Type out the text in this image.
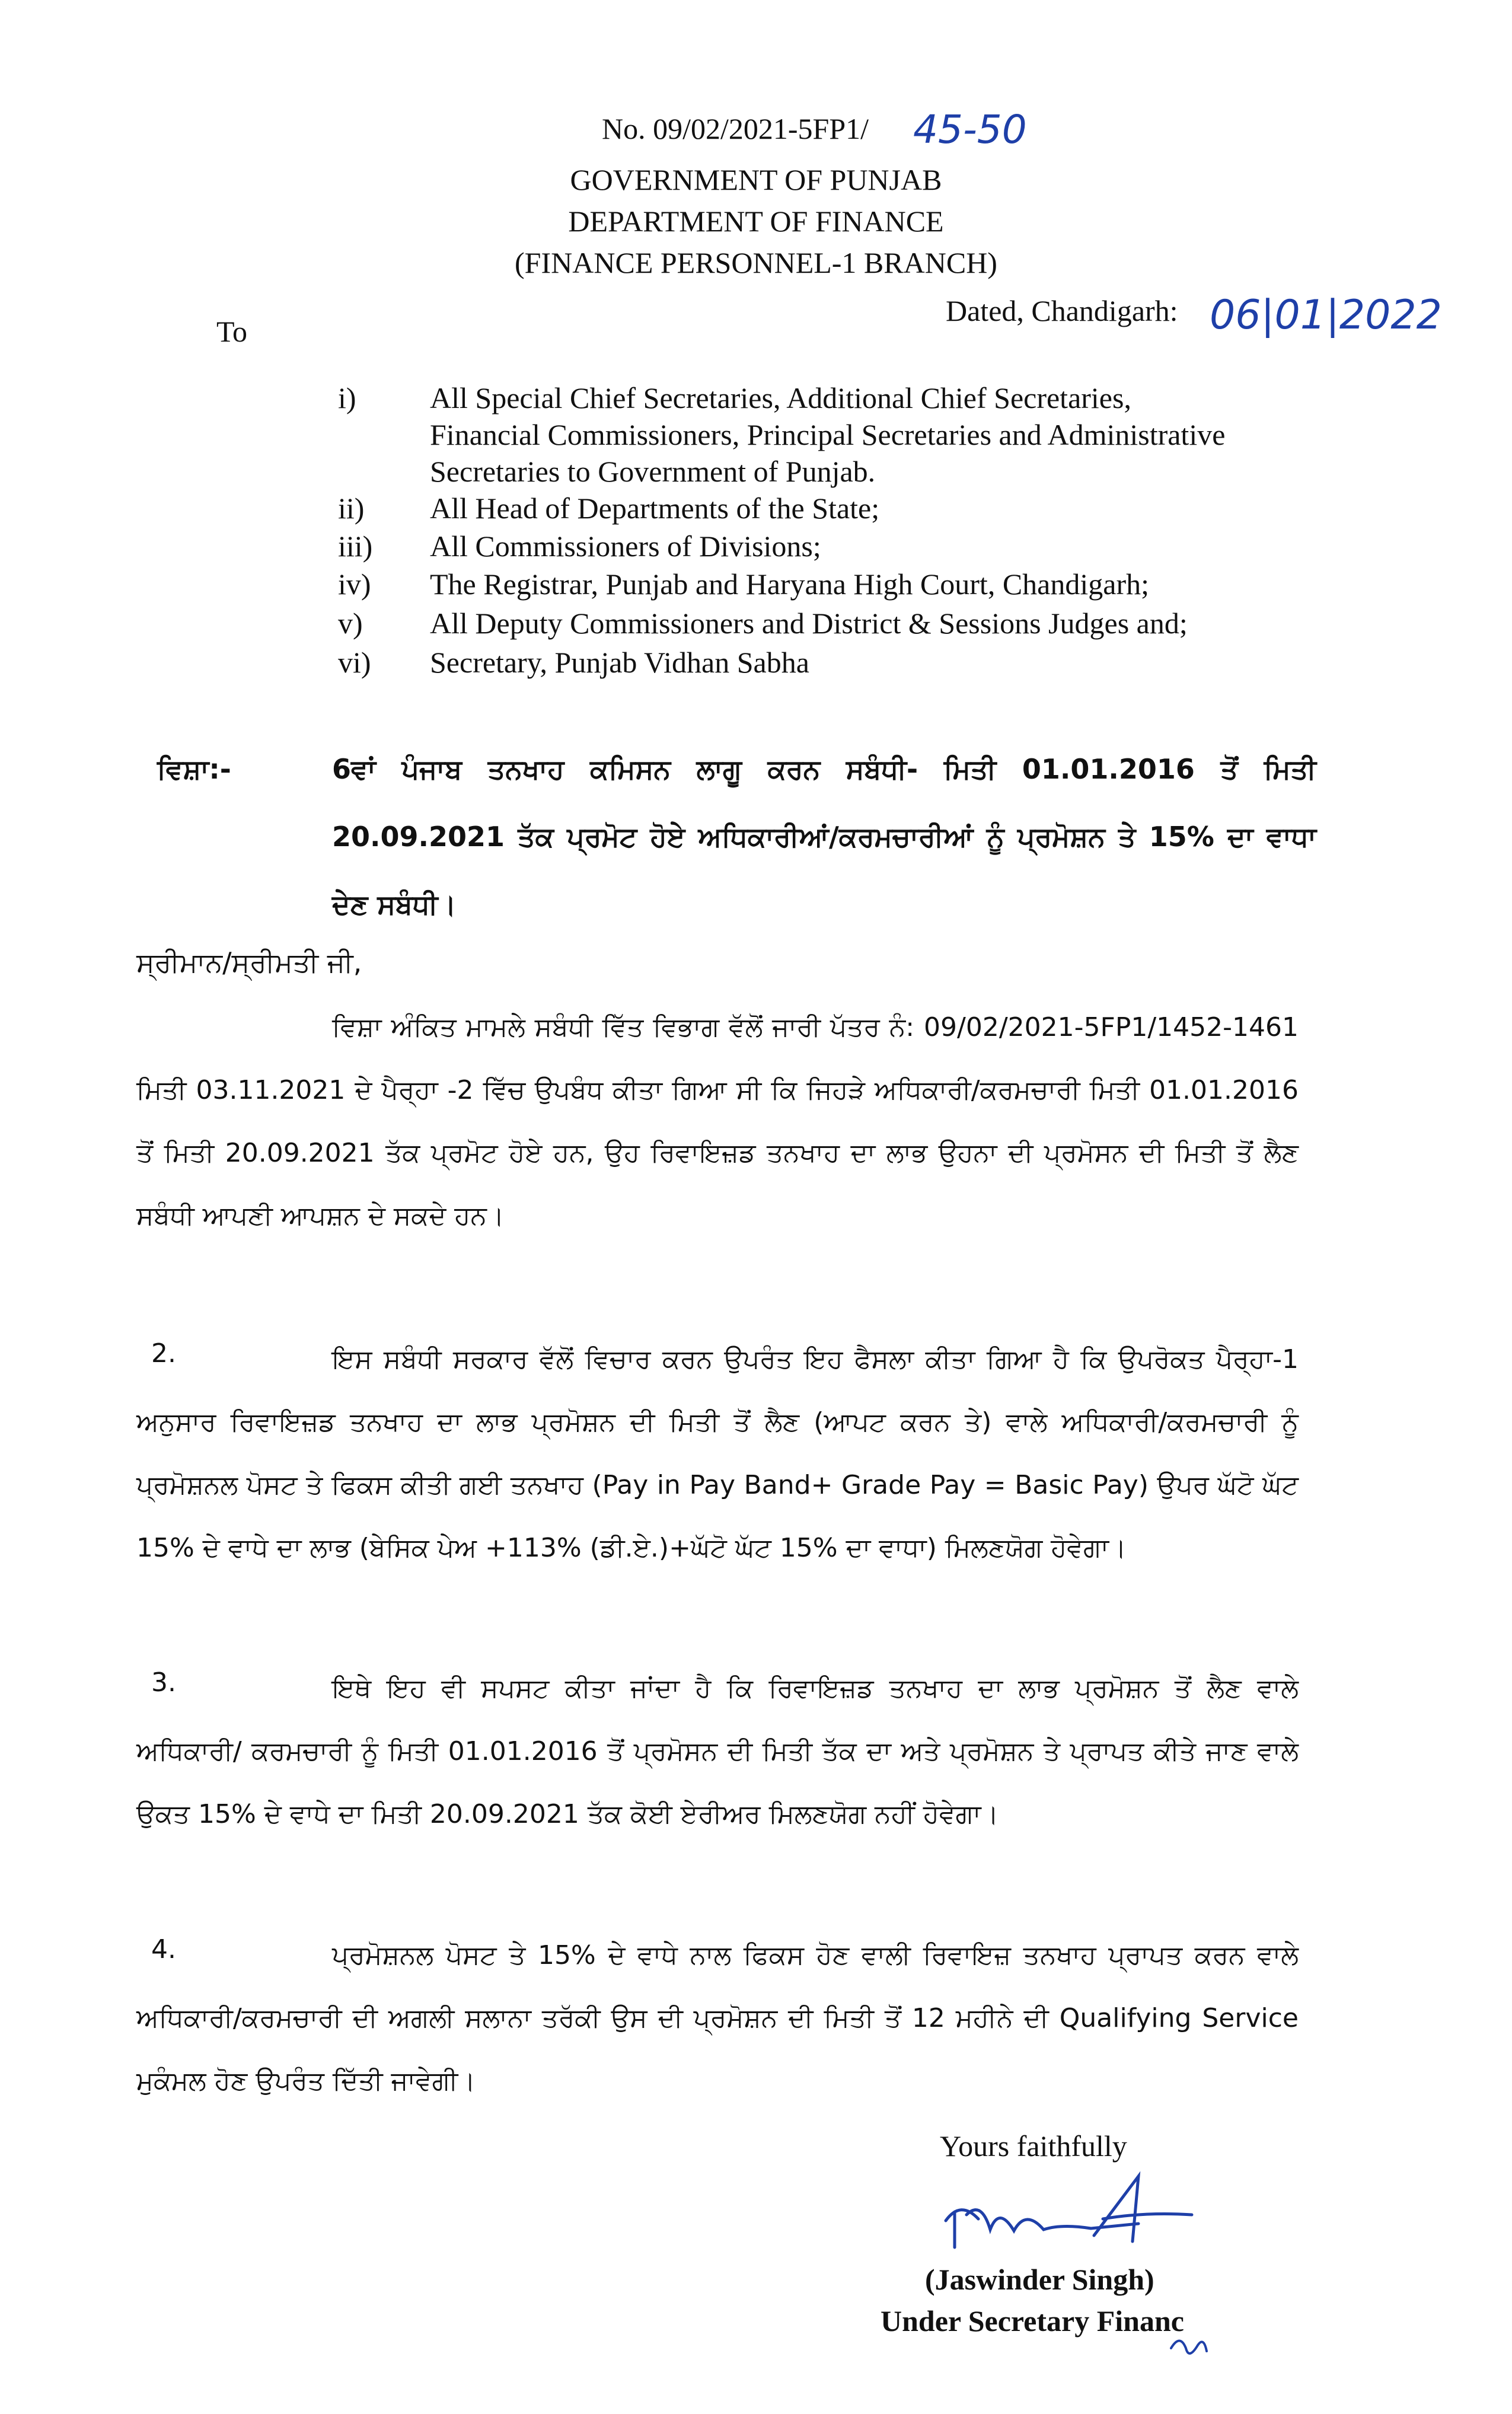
No. 09/02/2021-5FP1/ 45-50
GOVERNMENT OF PUNJAB
DEPARTMENT OF FINANCE
(FINANCE PERSONNEL-1 BRANCH)
Dated, Chandigarh: 06|01|2022
To
i) All Special Chief Secretaries, Additional Chief Secretaries,
Financial Commissioners, Principal Secretaries and Administrative
Secretaries to Government of Punjab.
ii) All Head of Departments of the State;
iii) All Commissioners of Divisions;
iv) The Registrar, Punjab and Haryana High Court, Chandigarh;
v) All Deputy Commissioners and District & Sessions Judges and;
vi) Secretary, Punjab Vidhan Sabha
ਵਿਸ਼ਾ:-	6ਵਾਂ ਪੰਜਾਬ ਤਨਖਾਹ ਕਮਿਸਨ ਲਾਗੂ ਕਰਨ ਸਬੰਧੀ- ਮਿਤੀ 01.01.2016 ਤੋਂ ਮਿਤੀ 20.09.2021 ਤੱਕ ਪ੍ਰਮੋਟ ਹੋਏ ਅਧਿਕਾਰੀਆਂ/ਕਰਮਚਾਰੀਆਂ ਨੂੰ ਪ੍ਰਮੋਸ਼ਨ ਤੇ 15% ਦਾ ਵਾਧਾ ਦੇਣ ਸਬੰਧੀ।
ਸ੍ਰੀਮਾਨ/ਸ੍ਰੀਮਤੀ ਜੀ,
ਵਿਸ਼ਾ ਅੰਕਿਤ ਮਾਮਲੇ ਸਬੰਧੀ ਵਿੱਤ ਵਿਭਾਗ ਵੱਲੋਂ ਜਾਰੀ ਪੱਤਰ ਨੰ: 09/02/2021-5FP1/1452-1461 ਮਿਤੀ 03.11.2021 ਦੇ ਪੈਰ੍ਹਾ -2 ਵਿੱਚ ਉਪਬੰਧ ਕੀਤਾ ਗਿਆ ਸੀ ਕਿ ਜਿਹੜੇ ਅਧਿਕਾਰੀ/ਕਰਮਚਾਰੀ ਮਿਤੀ 01.01.2016 ਤੋਂ ਮਿਤੀ 20.09.2021 ਤੱਕ ਪ੍ਰਮੋਟ ਹੋਏ ਹਨ, ਉਹ ਰਿਵਾਇਜ਼ਡ ਤਨਖਾਹ ਦਾ ਲਾਭ ਉਹਨਾ ਦੀ ਪ੍ਰਮੋਸਨ ਦੀ ਮਿਤੀ ਤੋਂ ਲੈਣ ਸਬੰਧੀ ਆਪਣੀ ਆਪਸ਼ਨ ਦੇ ਸਕਦੇ ਹਨ।
2.	ਇਸ ਸਬੰਧੀ ਸਰਕਾਰ ਵੱਲੋਂ ਵਿਚਾਰ ਕਰਨ ਉਪਰੰਤ ਇਹ ਫੈਸਲਾ ਕੀਤਾ ਗਿਆ ਹੈ ਕਿ ਉਪਰੋਕਤ ਪੈਰ੍ਹਾ-1 ਅਨੁਸਾਰ ਰਿਵਾਇਜ਼ਡ ਤਨਖਾਹ ਦਾ ਲਾਭ ਪ੍ਰਮੋਸ਼ਨ ਦੀ ਮਿਤੀ ਤੋਂ ਲੈਣ (ਆਪਟ ਕਰਨ ਤੇ) ਵਾਲੇ ਅਧਿਕਾਰੀ/ਕਰਮਚਾਰੀ ਨੂੰ ਪ੍ਰਮੋਸ਼ਨਲ ਪੋਸਟ ਤੇ ਫਿਕਸ ਕੀਤੀ ਗਈ ਤਨਖਾਹ (Pay in Pay Band+ Grade Pay = Basic Pay) ਉਪਰ ਘੱਟੋ ਘੱਟ 15% ਦੇ ਵਾਧੇ ਦਾ ਲਾਭ (ਬੇਸਿਕ ਪੇਅ +113% (ਡੀ.ਏ.)+ਘੱਟੋ ਘੱਟ 15% ਦਾ ਵਾਧਾ) ਮਿਲਣਯੋਗ ਹੋਵੇਗਾ।
3.	ਇਥੇ ਇਹ ਵੀ ਸਪਸਟ ਕੀਤਾ ਜਾਂਦਾ ਹੈ ਕਿ ਰਿਵਾਇਜ਼ਡ ਤਨਖਾਹ ਦਾ ਲਾਭ ਪ੍ਰਮੋਸ਼ਨ ਤੋਂ ਲੈਣ ਵਾਲੇ ਅਧਿਕਾਰੀ/ ਕਰਮਚਾਰੀ ਨੂੰ ਮਿਤੀ 01.01.2016 ਤੋਂ ਪ੍ਰਮੋਸਨ ਦੀ ਮਿਤੀ ਤੱਕ ਦਾ ਅਤੇ ਪ੍ਰਮੋਸ਼ਨ ਤੇ ਪ੍ਰਾਪਤ ਕੀਤੇ ਜਾਣ ਵਾਲੇ ਉਕਤ 15% ਦੇ ਵਾਧੇ ਦਾ ਮਿਤੀ 20.09.2021 ਤੱਕ ਕੋਈ ਏਰੀਅਰ ਮਿਲਣਯੋਗ ਨਹੀਂ ਹੋਵੇਗਾ।
4.	ਪ੍ਰਮੋਸ਼ਨਲ ਪੋਸਟ ਤੇ 15% ਦੇ ਵਾਧੇ ਨਾਲ ਫਿਕਸ ਹੋਣ ਵਾਲੀ ਰਿਵਾਇਜ਼ ਤਨਖਾਹ ਪ੍ਰਾਪਤ ਕਰਨ ਵਾਲੇ ਅਧਿਕਾਰੀ/ਕਰਮਚਾਰੀ ਦੀ ਅਗਲੀ ਸਲਾਨਾ ਤਰੱਕੀ ਉਸ ਦੀ ਪ੍ਰਮੋਸ਼ਨ ਦੀ ਮਿਤੀ ਤੋਂ 12 ਮਹੀਨੇ ਦੀ Qualifying Service ਮੁਕੰਮਲ ਹੋਣ ਉਪਰੰਤ ਦਿੱਤੀ ਜਾਵੇਗੀ।
Yours faithfully
(Jaswinder Singh)
Under Secretary Financ
